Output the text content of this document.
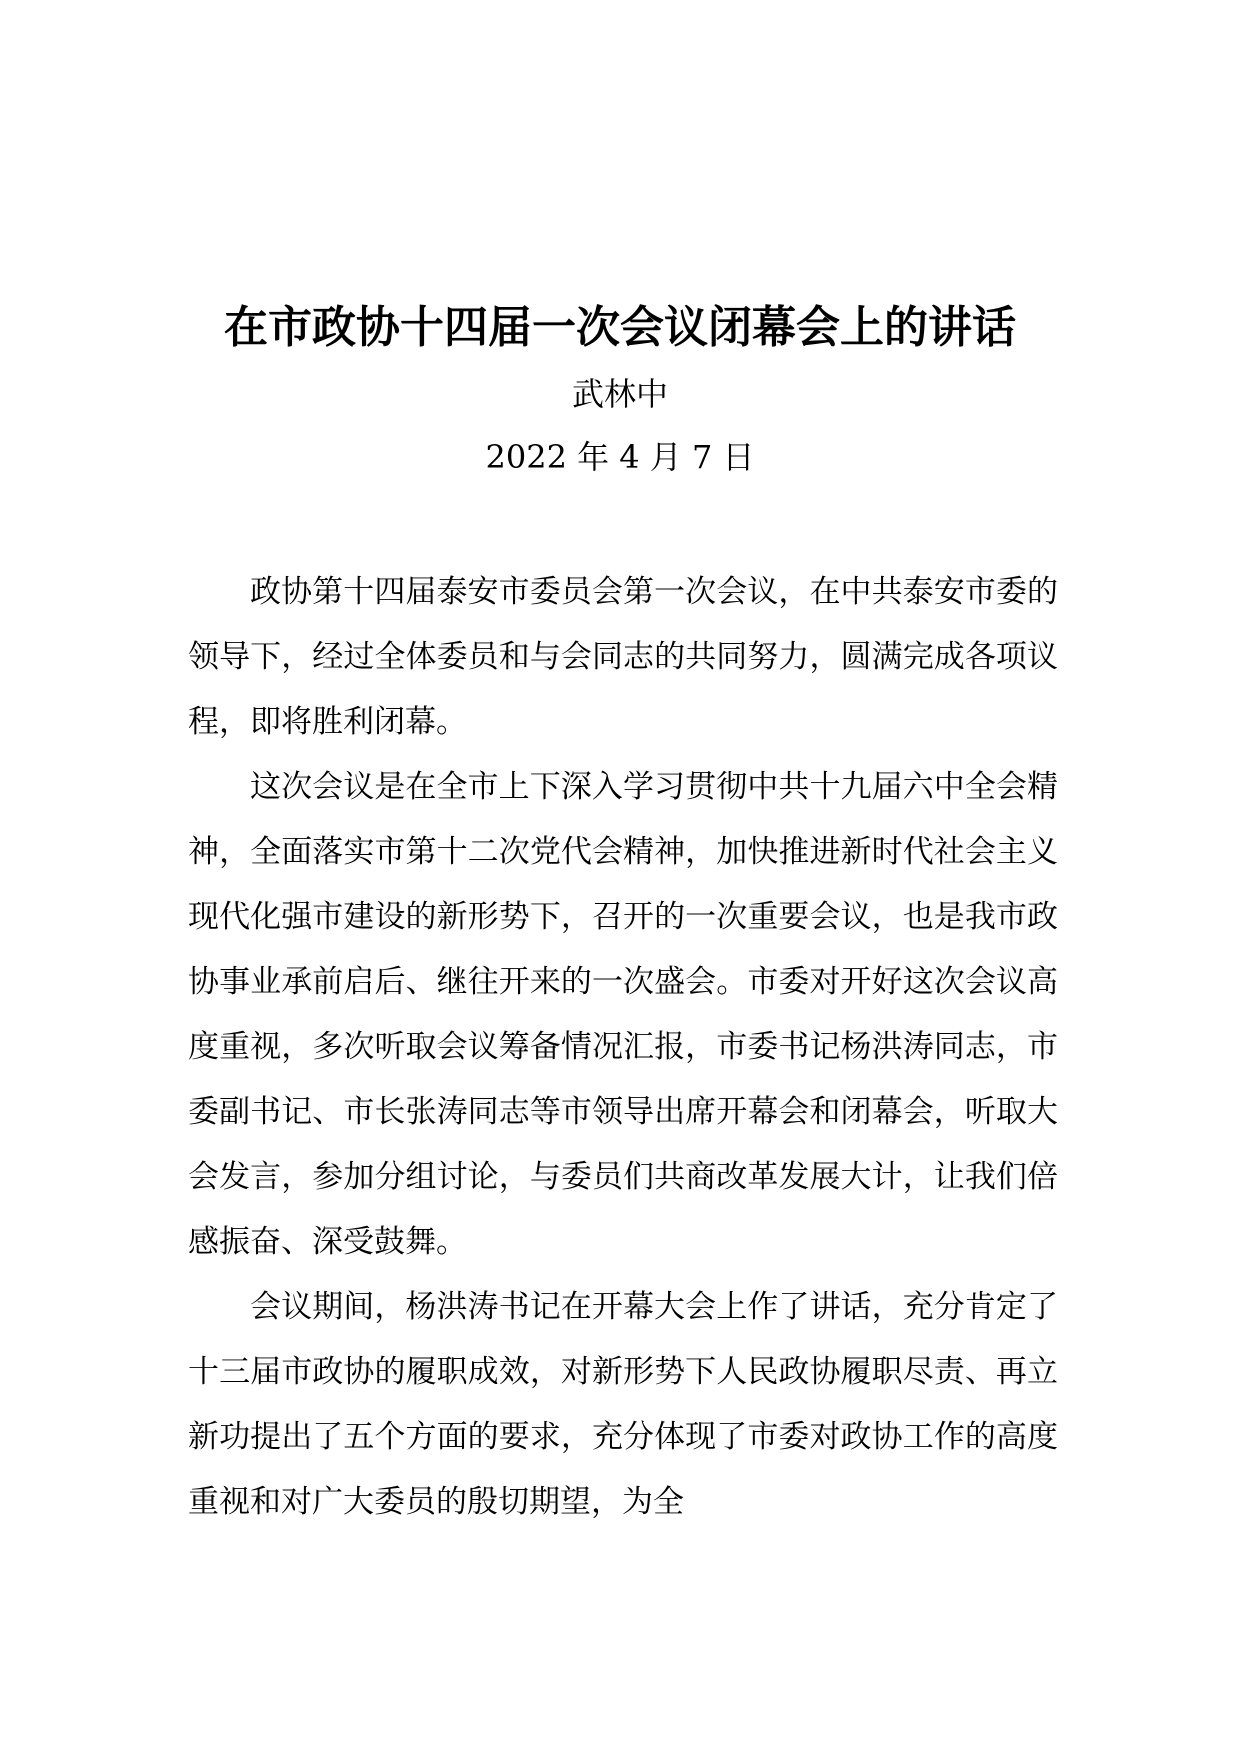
在市政协十四届一次会议闭幕会上的讲话
武林中
2022 年 4 月 7 日

政协第十四届泰安市委员会第一次会议，在中共泰安市委的领导下，经过全体委员和与会同志的共同努力，圆满完成各项议程，即将胜利闭幕。

这次会议是在全市上下深入学习贯彻中共十九届六中全会精神，全面落实市第十二次党代会精神，加快推进新时代社会主义现代化强市建设的新形势下，召开的一次重要会议，也是我市政协事业承前启后、继往开来的一次盛会。市委对开好这次会议高度重视，多次听取会议筹备情况汇报，市委书记杨洪涛同志，市委副书记、市长张涛同志等市领导出席开幕会和闭幕会，听取大会发言，参加分组讨论，与委员们共商改革发展大计，让我们倍感振奋、深受鼓舞。

会议期间，杨洪涛书记在开幕大会上作了讲话，充分肯定了十三届市政协的履职成效，对新形势下人民政协履职尽责、再立新功提出了五个方面的要求，充分体现了市委对政协工作的高度重视和对广大委员的殷切期望，为全
